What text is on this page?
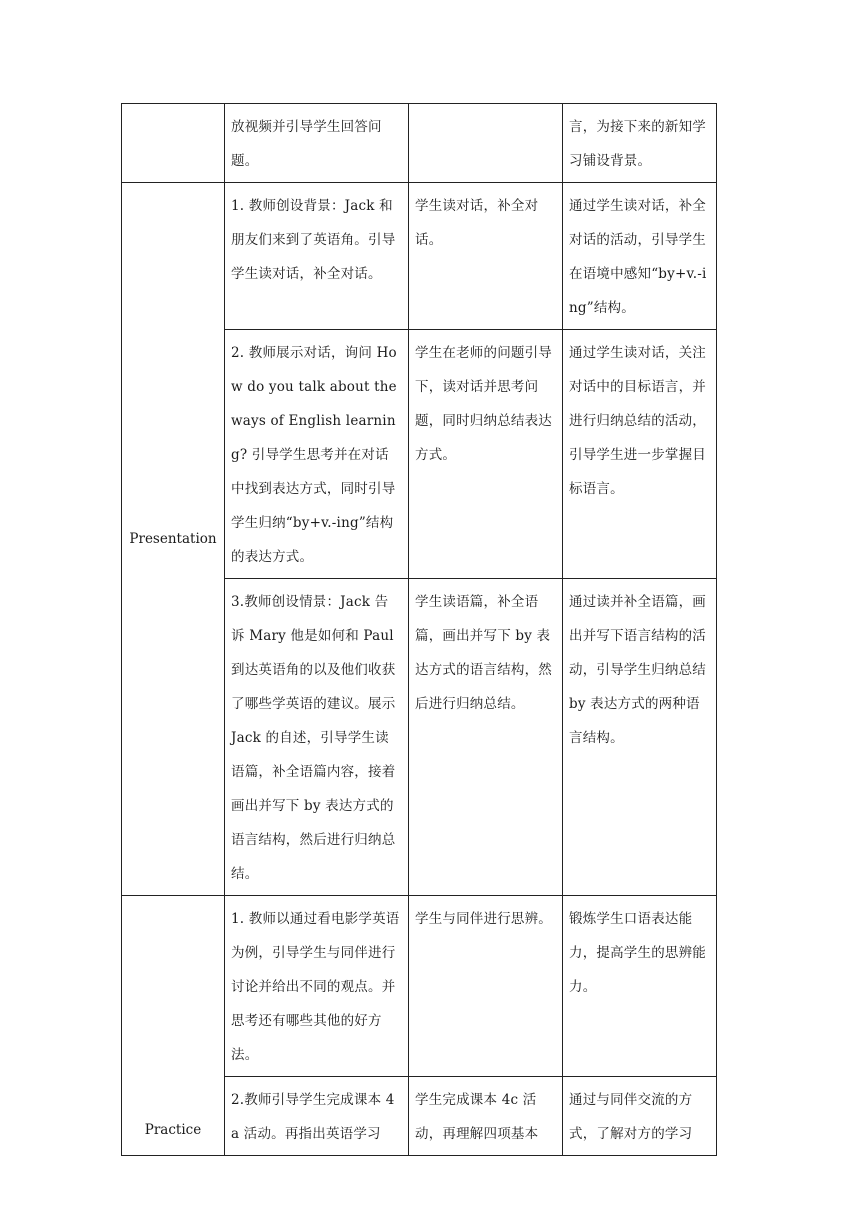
	放视频并引导学生回答问题。		言，为接下来的新知学习铺设背景。

Presentation	1. 教师创设背景：Jack 和朋友们来到了英语角。引导学生读对话，补全对话。	学生读对话，补全对话。	通过学生读对话，补全对话的活动，引导学生在语境中感知“by+v.-ing”结构。

	2. 教师展示对话，询问 How do you talk about the ways of English learning? 引导学生思考并在对话中找到表达方式，同时引导学生归纳“by+v.-ing”结构的表达方式。	学生在老师的问题引导下，读对话并思考问题，同时归纳总结表达方式。	通过学生读对话，关注对话中的目标语言，并进行归纳总结的活动，引导学生进一步掌握目标语言。

	3.教师创设情景：Jack 告诉 Mary 他是如何和 Paul 到达英语角的以及他们收获了哪些学英语的建议。展示 Jack 的自述，引导学生读语篇，补全语篇内容，接着画出并写下 by 表达方式的语言结构，然后进行归纳总结。	学生读语篇，补全语篇，画出并写下 by 表达方式的语言结构，然后进行归纳总结。	通过读并补全语篇，画出并写下语言结构的活动，引导学生归纳总结 by 表达方式的两种语言结构。

Practice	1. 教师以通过看电影学英语为例，引导学生与同伴进行讨论并给出不同的观点。并思考还有哪些其他的好方法。	学生与同伴进行思辨。	锻炼学生口语表达能力，提高学生的思辨能力。

	2.教师引导学生完成课本 4a 活动。再指出英语学习	学生完成课本 4c 活动，再理解四项基本	通过与同伴交流的方式，了解对方的学习
